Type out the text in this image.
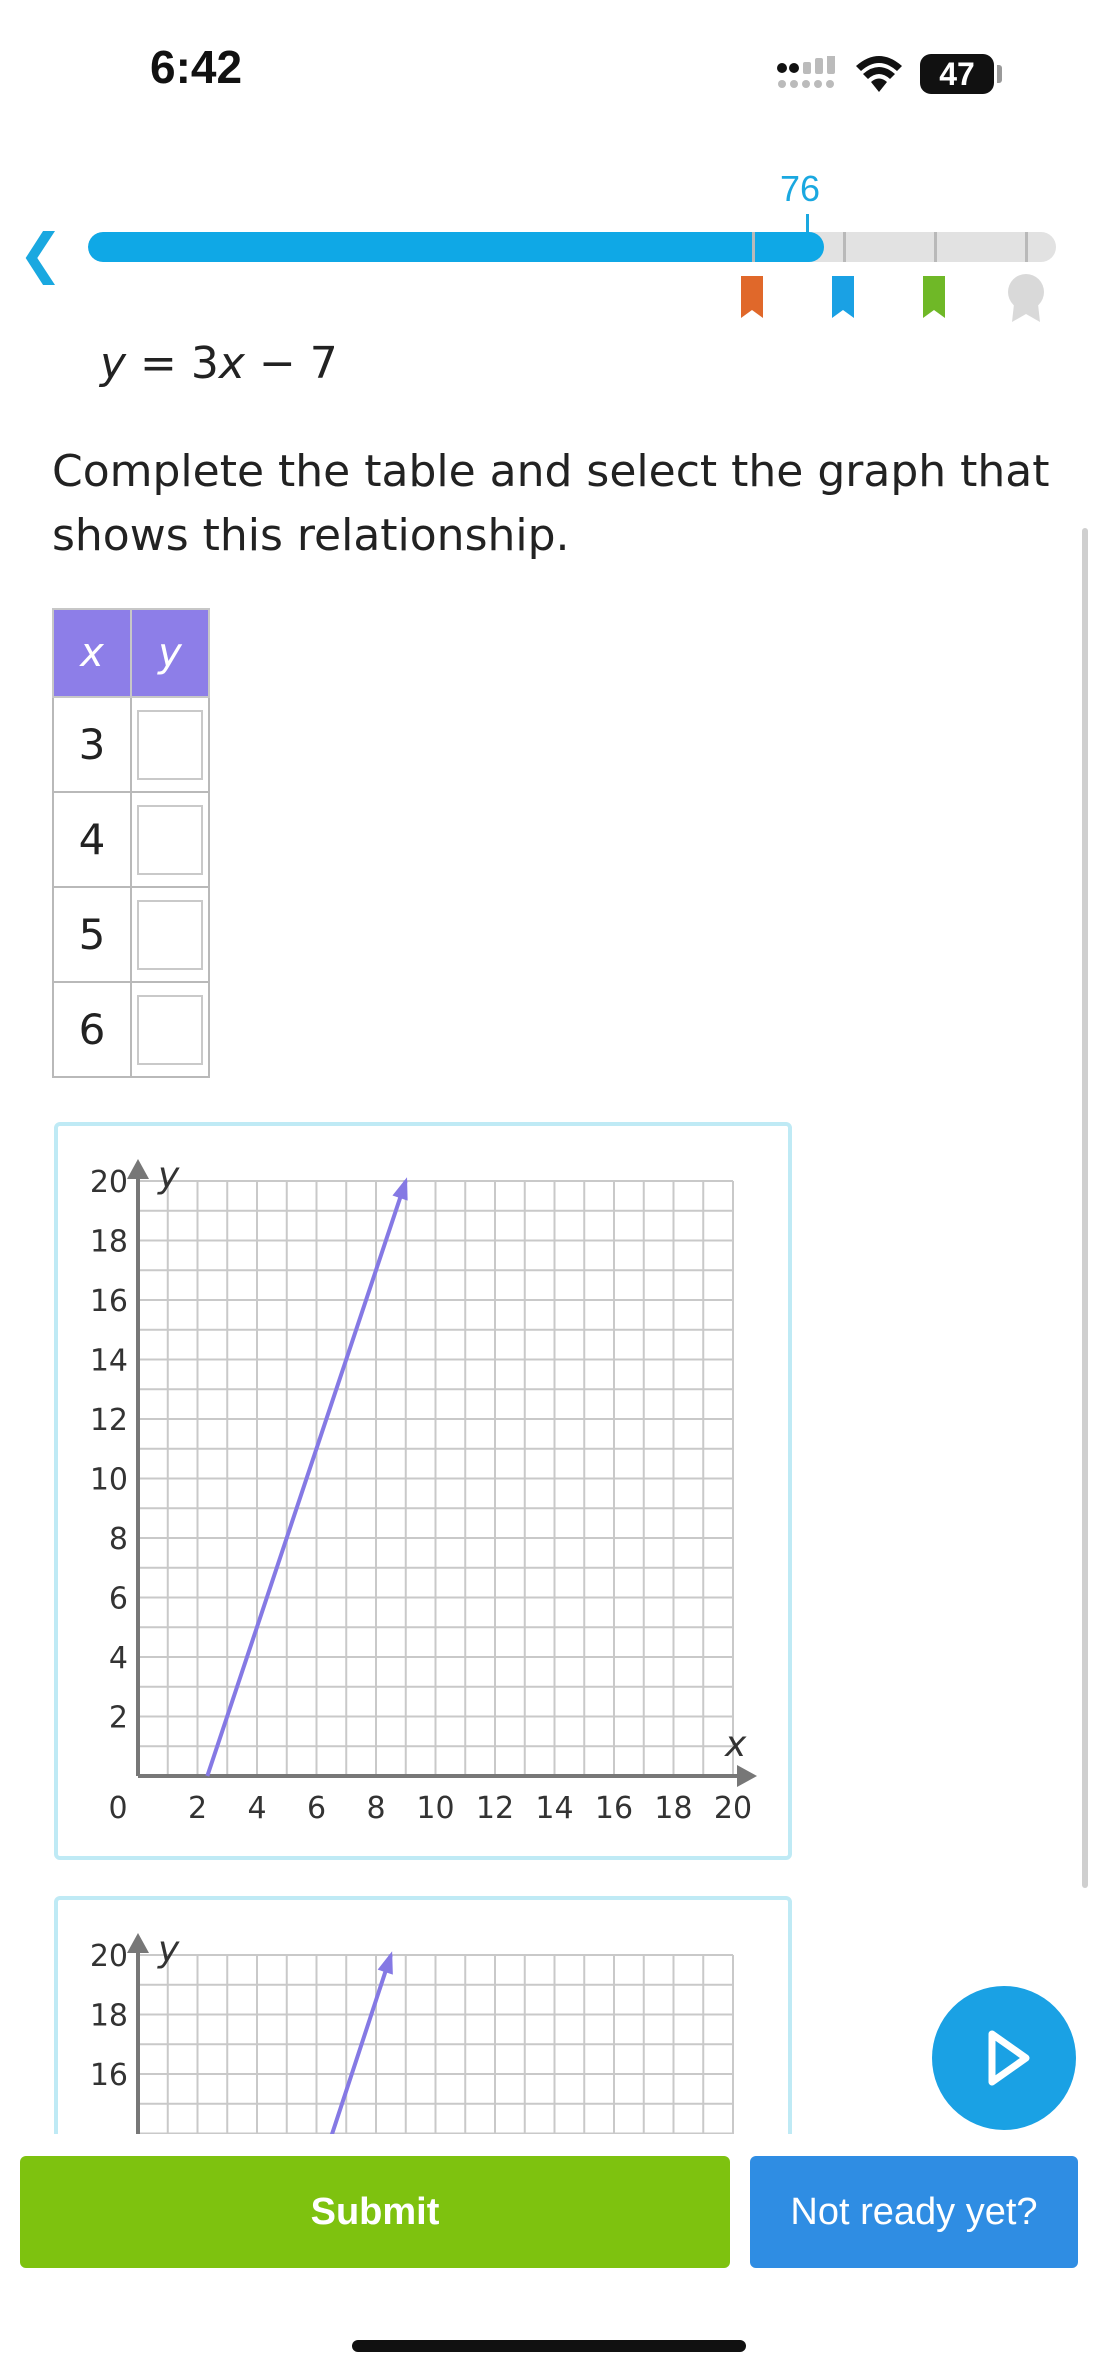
6:42	47
❮
76
y = 3x − 7
Complete the table and select the graph that shows this relationship.
x	y
3	

4	

5	

6	
y
x
2
4
6
8
10
12
14
16
18
20
0 2 4 6 8 10 12 14 16 18 20
y
16
18
20
Submit	Not ready yet?
